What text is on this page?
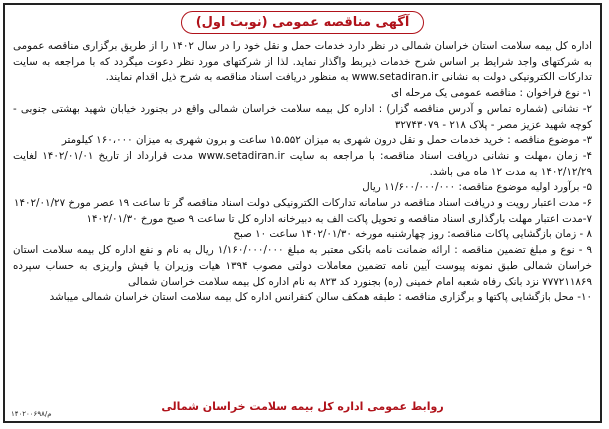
آگهی مناقصه عمومی (نوبت اول)

اداره کل بیمه سلامت استان خراسان شمالی در نظر دارد خدمات حمل و نقل خود را در سال ۱۴۰۲ را از طریق برگزاری مناقصه عمومی به شرکتهای واجد شرایط بر اساس شرح خدمات ذیربط واگذار نماید. لذا از شرکتهای مورد نظر دعوت میگردد که با مراجعه به سایت تدارکات الکترونیکی دولت به نشانی www.setadiran.ir به منظور دریافت اسناد مناقصه به شرح ذیل اقدام نمایند.

۱- نوع فراخوان : مناقصه عمومی یک مرحله ای

۲- نشانی (شماره تماس و آدرس مناقصه گزار) : اداره کل بیمه سلامت خراسان شمالی واقع در بجنورد خیابان شهید بهشتی جنوبی - کوچه شهید عزیز مصر - پلاک ۲۱۸ - ۳۲۷۴۳۰۷۹

۳- موضوع مناقصه : خرید خدمات حمل و نقل درون شهری به میزان ۱۵.۵۵۲ ساعت و برون شهری به میزان ۱۶۰،۰۰۰ کیلومتر

۴- زمان ،مهلت و نشانی دریافت اسناد مناقصه: با مراجعه به سایت www.setadiran.ir مدت قرارداد از تاریخ ۱۴۰۲/۰۱/۰۱ لغایت ۱۴۰۲/۱۲/۲۹ به مدت ۱۲ ماه می باشد.

۵- برآورد اولیه موضوع مناقصه: ۱۱/۶۰۰/۰۰۰/۰۰۰ ریال

۶- مدت اعتبار رویت و دریافت اسناد مناقصه در سامانه تدارکات الکترونیکی دولت اسناد مناقصه گر تا ساعت ۱۹ عصر مورخ ۱۴۰۲/۰۱/۲۷

۷-مدت اعتبار مهلت بارگذاری اسناد مناقصه و تحویل پاکت الف به دبیرخانه اداره کل تا ساعت ۹ صبح مورخ ۱۴۰۲/۰۱/۳۰

۸ - زمان بازگشایی پاکات مناقصه: روز چهارشنبه مورخه ۱۴۰۲/۰۱/۳۰ ساعت ۱۰ صبح

۹ - نوع و مبلغ تضمین مناقصه : ارائه ضمانت نامه بانکی معتبر به مبلغ ۱/۱۶۰/۰۰۰/۰۰۰ ریال به نام و نفع اداره کل بیمه سلامت استان خراسان شمالی طبق نمونه پیوست آیین نامه تضمین معاملات دولتی مصوب ۱۳۹۴ هیات وزیران یا فیش واریزی به حساب سپرده ۷۷۷۲۱۱۸۶۹ نزد بانک رفاه شعبه امام خمینی (ره) بجنورد کد ۸۲۳ به نام اداره کل بیمه سلامت خراسان شمالی

۱۰- محل بازگشایی پاکتها و برگزاری مناقصه : طبقه همکف سالن کنفرانس اداره کل بیمه سلامت استان خراسان شمالی میباشد

روابط عمومی اداره کل بیمه سلامت خراسان شمالی
۱۴۰۲۰۰۶۹۸/م
